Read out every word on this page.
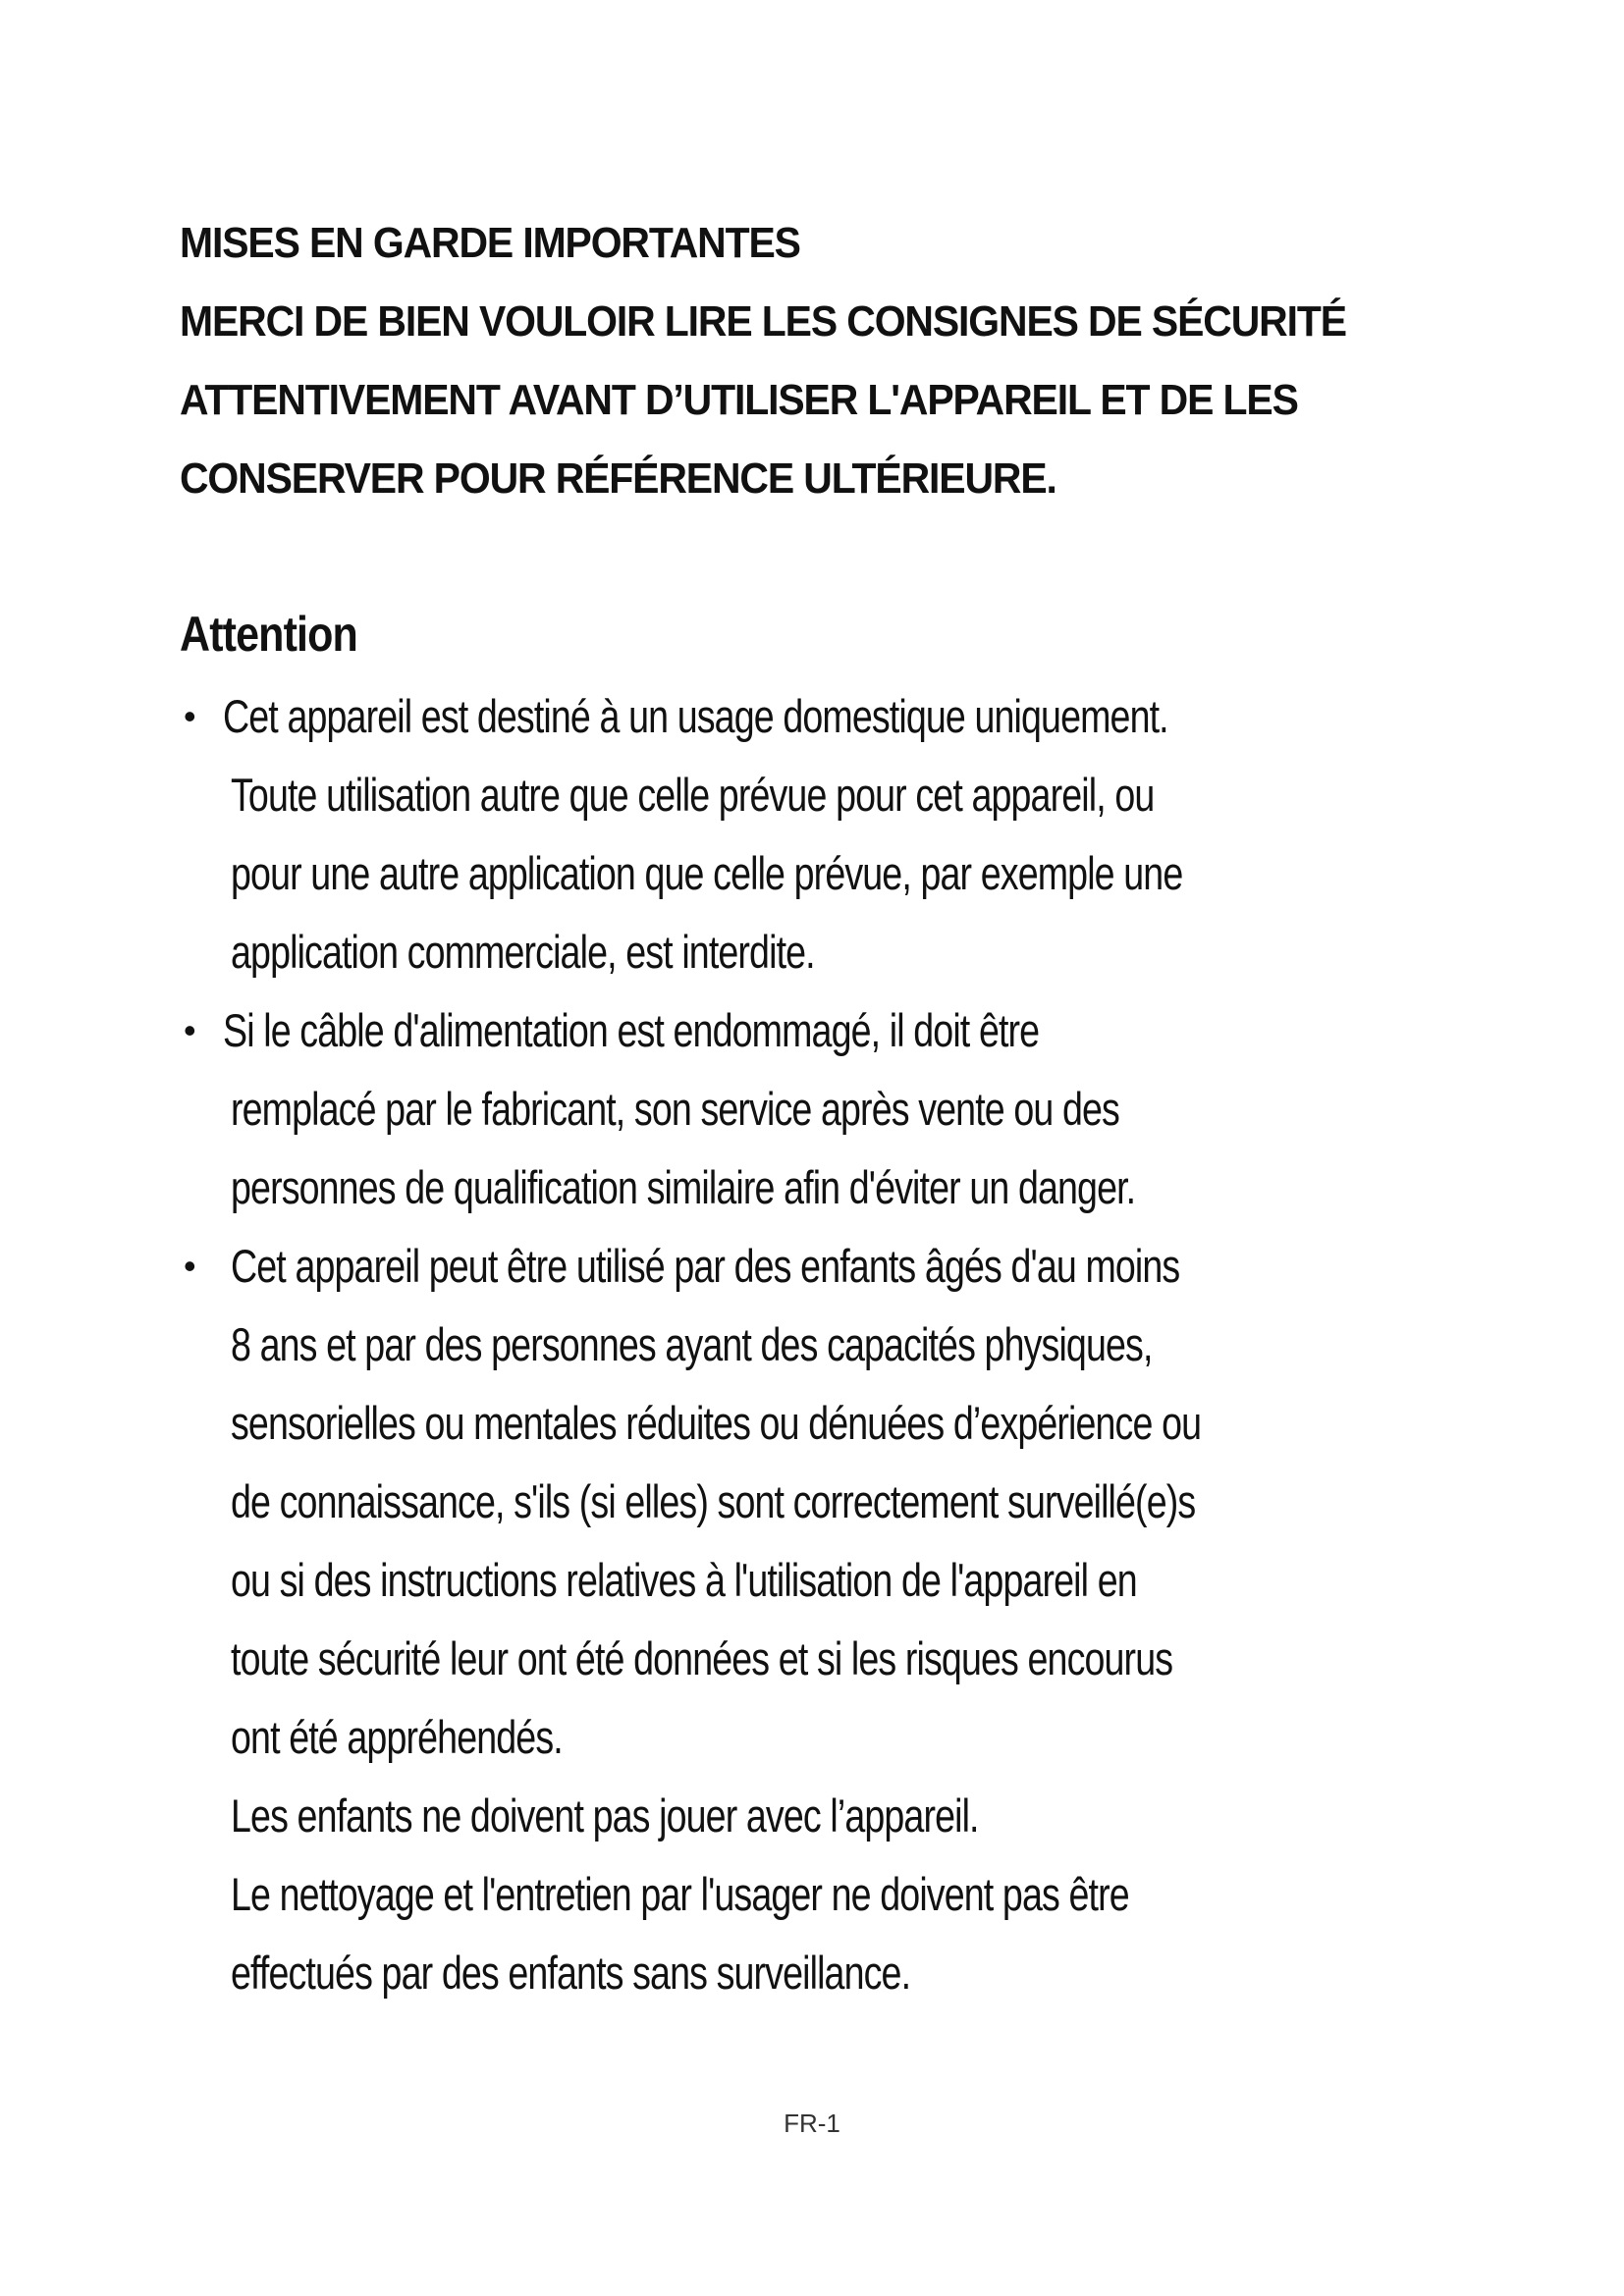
MISES EN GARDE IMPORTANTES
MERCI DE BIEN VOULOIR LIRE LES CONSIGNES DE SÉCURITÉ
ATTENTIVEMENT AVANT D’UTILISER L'APPAREIL ET DE LES
CONSERVER POUR RÉFÉRENCE ULTÉRIEURE.
Attention
• Cet appareil est destiné à un usage domestique uniquement.
Toute utilisation autre que celle prévue pour cet appareil, ou
pour une autre application que celle prévue, par exemple une
application commerciale, est interdite.
• Si le câble d'alimentation est endommagé, il doit être
remplacé par le fabricant, son service après vente ou des
personnes de qualification similaire afin d'éviter un danger.
• Cet appareil peut être utilisé par des enfants âgés d'au moins
8 ans et par des personnes ayant des capacités physiques,
sensorielles ou mentales réduites ou dénuées d’expérience ou
de connaissance, s'ils (si elles) sont correctement surveillé(e)s
ou si des instructions relatives à l'utilisation de l'appareil en
toute sécurité leur ont été données et si les risques encourus
ont été appréhendés.
Les enfants ne doivent pas jouer avec l’appareil.
Le nettoyage et l'entretien par l'usager ne doivent pas être
effectués par des enfants sans surveillance.
FR-1
